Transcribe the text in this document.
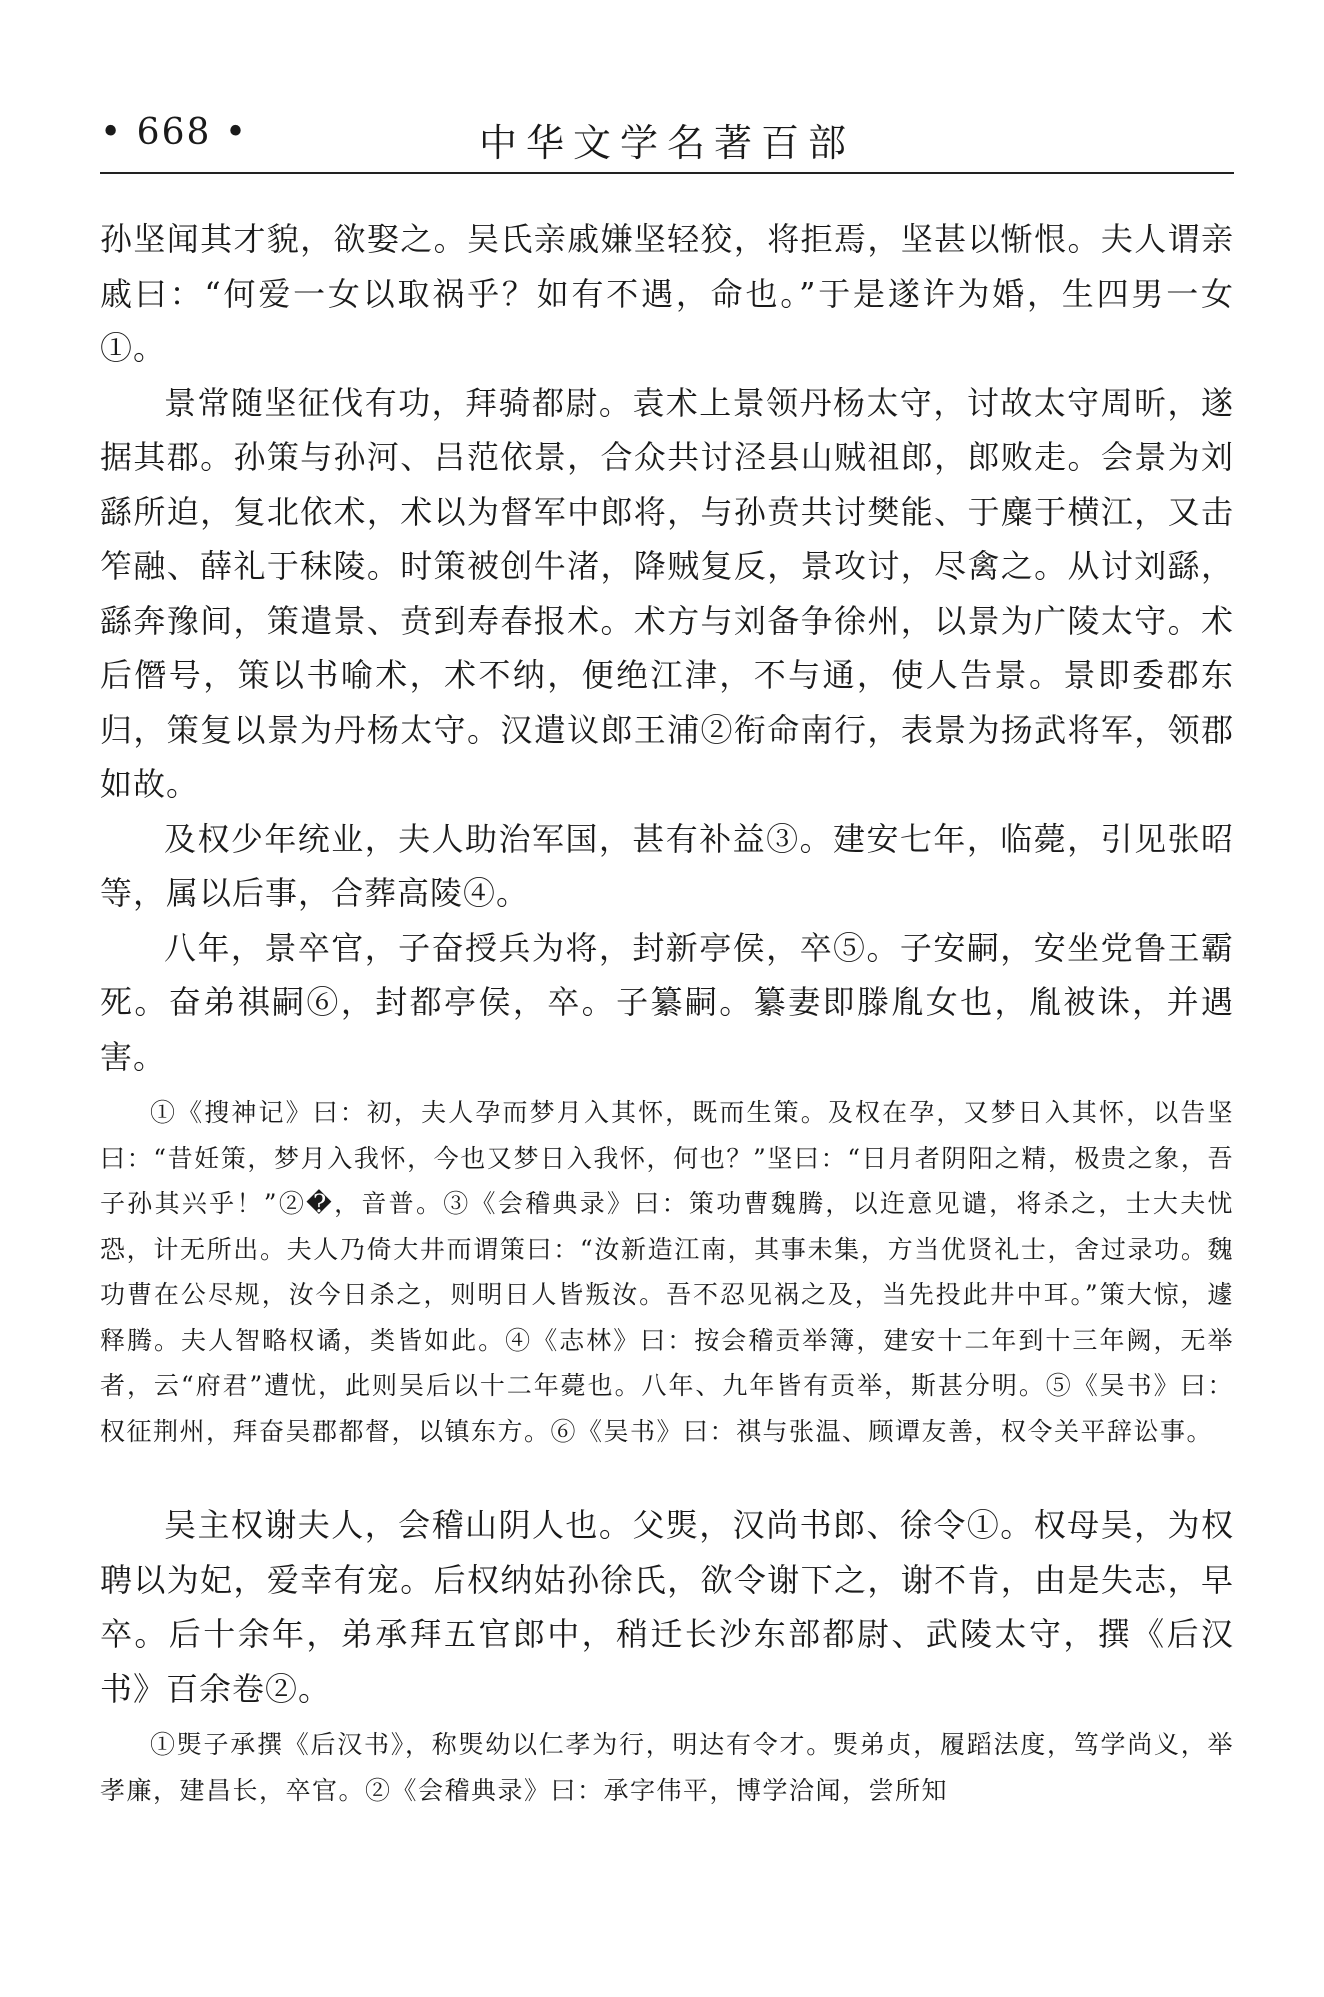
• 668 •	中华文学名著百部

孙坚闻其才貌，欲娶之。吴氏亲戚嫌坚轻狡，将拒焉，坚甚以惭恨。夫人谓亲戚曰：“何爱一女以取祸乎？如有不遇，命也。”于是遂许为婚，生四男一女①。

景常随坚征伐有功，拜骑都尉。袁术上景领丹杨太守，讨故太守周昕，遂据其郡。孙策与孙河、吕范依景，合众共讨泾县山贼祖郎，郎败走。会景为刘繇所迫，复北依术，术以为督军中郎将，与孙贲共讨樊能、于麋于横江，又击笮融、薛礼于秣陵。时策被创牛渚，降贼复反，景攻讨，尽禽之。从讨刘繇，繇奔豫间，策遣景、贲到寿春报术。术方与刘备争徐州，以景为广陵太守。术后僭号，策以书喻术，术不纳，便绝江津，不与通，使人告景。景即委郡东归，策复以景为丹杨太守。汉遣议郎王浦②衔命南行，表景为扬武将军，领郡如故。

及权少年统业，夫人助治军国，甚有补益③。建安七年，临薨，引见张昭等，属以后事，合葬高陵④。

八年，景卒官，子奋授兵为将，封新亭侯，卒⑤。子安嗣，安坐党鲁王霸死。奋弟祺嗣⑥，封都亭侯，卒。子纂嗣。纂妻即滕胤女也，胤被诛，并遇害。

①《搜神记》曰：初，夫人孕而梦月入其怀，既而生策。及权在孕，又梦日入其怀，以告坚曰：“昔妊策，梦月入我怀，今也又梦日入我怀，何也？”坚曰：“日月者阴阳之精，极贵之象，吾子孙其兴乎！”②�，音普。③《会稽典录》曰：策功曹魏腾，以迕意见谴，将杀之，士大夫忧恐，计无所出。夫人乃倚大井而谓策曰：“汝新造江南，其事未集，方当优贤礼士，舍过录功。魏功曹在公尽规，汝今日杀之，则明日人皆叛汝。吾不忍见祸之及，当先投此井中耳。”策大惊，遽释腾。夫人智略权谲，类皆如此。④《志林》曰：按会稽贡举簿，建安十二年到十三年阙，无举者，云“府君”遭忧，此则吴后以十二年薨也。八年、九年皆有贡举，斯甚分明。⑤《吴书》曰：权征荆州，拜奋吴郡都督，以镇东方。⑥《吴书》曰：祺与张温、顾谭友善，权令关平辞讼事。

吴主权谢夫人，会稽山阴人也。父煚，汉尚书郎、徐令①。权母吴，为权聘以为妃，爱幸有宠。后权纳姑孙徐氏，欲令谢下之，谢不肯，由是失志，早卒。后十余年，弟承拜五官郎中，稍迁长沙东部都尉、武陵太守，撰《后汉书》百余卷②。

①煚子承撰《后汉书》，称煚幼以仁孝为行，明达有令才。煚弟贞，履蹈法度，笃学尚义，举孝廉，建昌长，卒官。②《会稽典录》曰：承字伟平，博学洽闻，尝所知
